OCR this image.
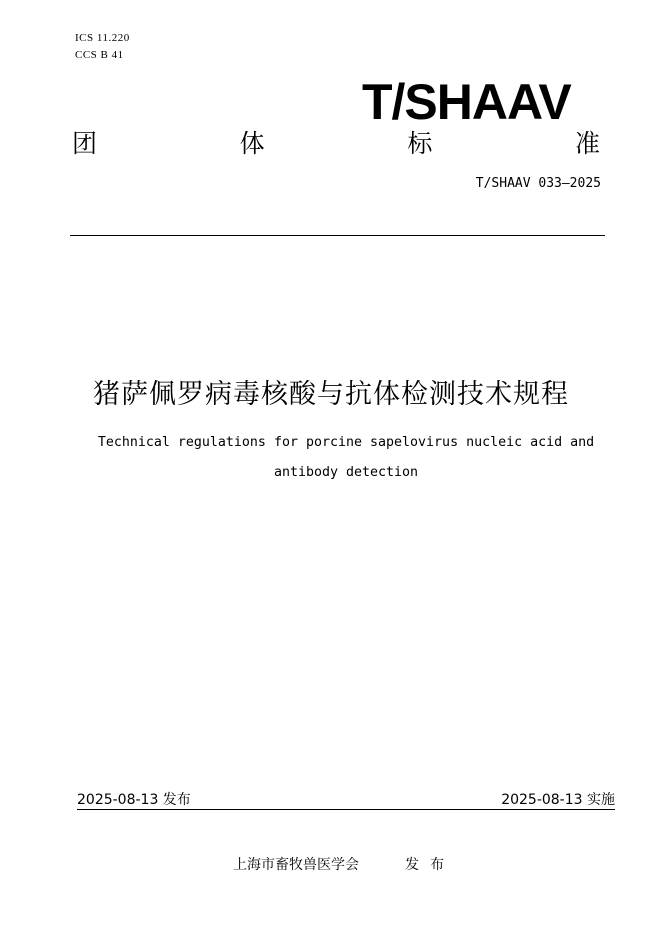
ICS 11.220
CCS B 41
T/SHAAV
团	体	标	准
T/SHAAV 033—2025
猪萨佩罗病毒核酸与抗体检测技术规程
Technical regulations for porcine sapelovirus nucleic acid and antibody detection
2025-08-13 发布	2025-08-13 实施
上海市畜牧兽医学会	发布
